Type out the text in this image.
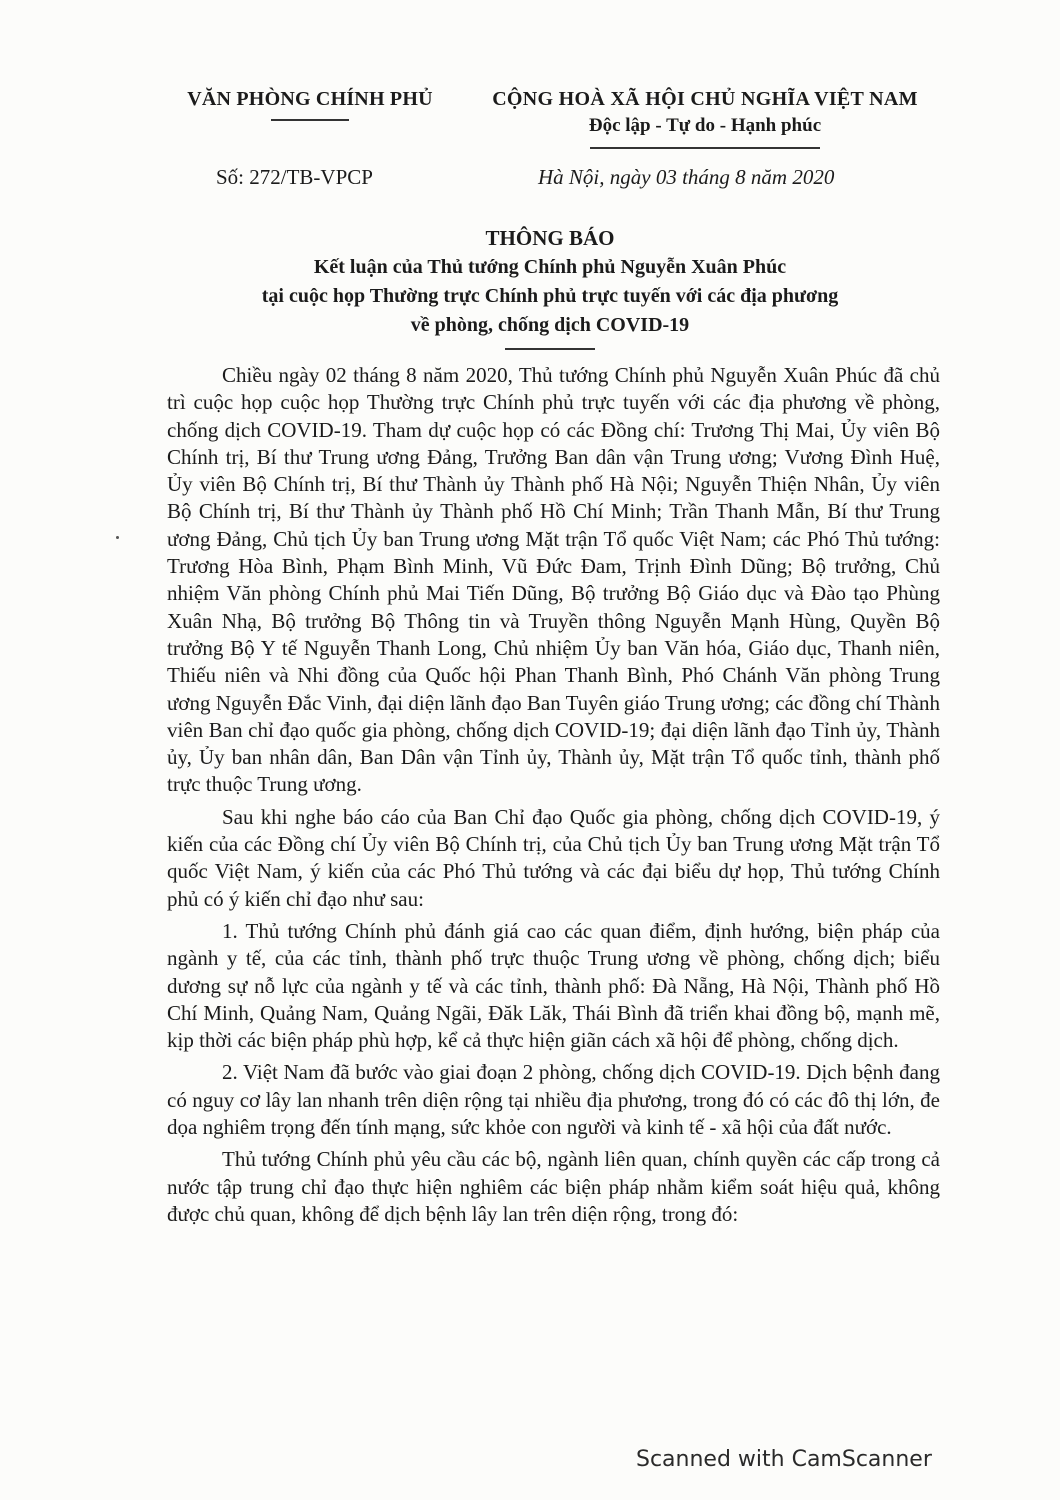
VĂN PHÒNG CHÍNH PHỦ	CỘNG HOÀ XÃ HỘI CHỦ NGHĨA VIỆT NAM
Độc lập - Tự do - Hạnh phúc
Số: 272/TB-VPCP	Hà Nội, ngày 03 tháng 8 năm 2020
THÔNG BÁO
Kết luận của Thủ tướng Chính phủ Nguyễn Xuân Phúc
tại cuộc họp Thường trực Chính phủ trực tuyến với các địa phương
về phòng, chống dịch COVID-19

Chiều ngày 02 tháng 8 năm 2020, Thủ tướng Chính phủ Nguyễn Xuân Phúc đã chủ trì cuộc họp cuộc họp Thường trực Chính phủ trực tuyến với các địa phương về phòng, chống dịch COVID-19. Tham dự cuộc họp có các Đồng chí: Trương Thị Mai, Ủy viên Bộ Chính trị, Bí thư Trung ương Đảng, Trưởng Ban dân vận Trung ương; Vương Đình Huệ, Ủy viên Bộ Chính trị, Bí thư Thành ủy Thành phố Hà Nội; Nguyễn Thiện Nhân, Ủy viên Bộ Chính trị, Bí thư Thành ủy Thành phố Hồ Chí Minh; Trần Thanh Mẫn, Bí thư Trung ương Đảng, Chủ tịch Ủy ban Trung ương Mặt trận Tổ quốc Việt Nam; các Phó Thủ tướng: Trương Hòa Bình, Phạm Bình Minh, Vũ Đức Đam, Trịnh Đình Dũng; Bộ trưởng, Chủ nhiệm Văn phòng Chính phủ Mai Tiến Dũng, Bộ trưởng Bộ Giáo dục và Đào tạo Phùng Xuân Nhạ, Bộ trưởng Bộ Thông tin và Truyền thông Nguyễn Mạnh Hùng, Quyền Bộ trưởng Bộ Y tế Nguyễn Thanh Long, Chủ nhiệm Ủy ban Văn hóa, Giáo dục, Thanh niên, Thiếu niên và Nhi đồng của Quốc hội Phan Thanh Bình, Phó Chánh Văn phòng Trung ương Nguyễn Đắc Vinh, đại diện lãnh đạo Ban Tuyên giáo Trung ương; các đồng chí Thành viên Ban chỉ đạo quốc gia phòng, chống dịch COVID-19; đại diện lãnh đạo Tỉnh ủy, Thành ủy, Ủy ban nhân dân, Ban Dân vận Tỉnh ủy, Thành ủy, Mặt trận Tổ quốc tỉnh, thành phố trực thuộc Trung ương.

Sau khi nghe báo cáo của Ban Chỉ đạo Quốc gia phòng, chống dịch COVID-19, ý kiến của các Đồng chí Ủy viên Bộ Chính trị, của Chủ tịch Ủy ban Trung ương Mặt trận Tổ quốc Việt Nam, ý kiến của các Phó Thủ tướng và các đại biểu dự họp, Thủ tướng Chính phủ có ý kiến chỉ đạo như sau:

1. Thủ tướng Chính phủ đánh giá cao các quan điểm, định hướng, biện pháp của ngành y tế, của các tỉnh, thành phố trực thuộc Trung ương về phòng, chống dịch; biểu dương sự nỗ lực của ngành y tế và các tỉnh, thành phố: Đà Nẵng, Hà Nội, Thành phố Hồ Chí Minh, Quảng Nam, Quảng Ngãi, Đăk Lăk, Thái Bình đã triển khai đồng bộ, mạnh mẽ, kịp thời các biện pháp phù hợp, kể cả thực hiện giãn cách xã hội để phòng, chống dịch.

2. Việt Nam đã bước vào giai đoạn 2 phòng, chống dịch COVID-19. Dịch bệnh đang có nguy cơ lây lan nhanh trên diện rộng tại nhiều địa phương, trong đó có các đô thị lớn, đe dọa nghiêm trọng đến tính mạng, sức khỏe con người và kinh tế - xã hội của đất nước.

Thủ tướng Chính phủ yêu cầu các bộ, ngành liên quan, chính quyền các cấp trong cả nước tập trung chỉ đạo thực hiện nghiêm các biện pháp nhằm kiểm soát hiệu quả, không được chủ quan, không để dịch bệnh lây lan trên diện rộng, trong đó:

Scanned with CamScanner
